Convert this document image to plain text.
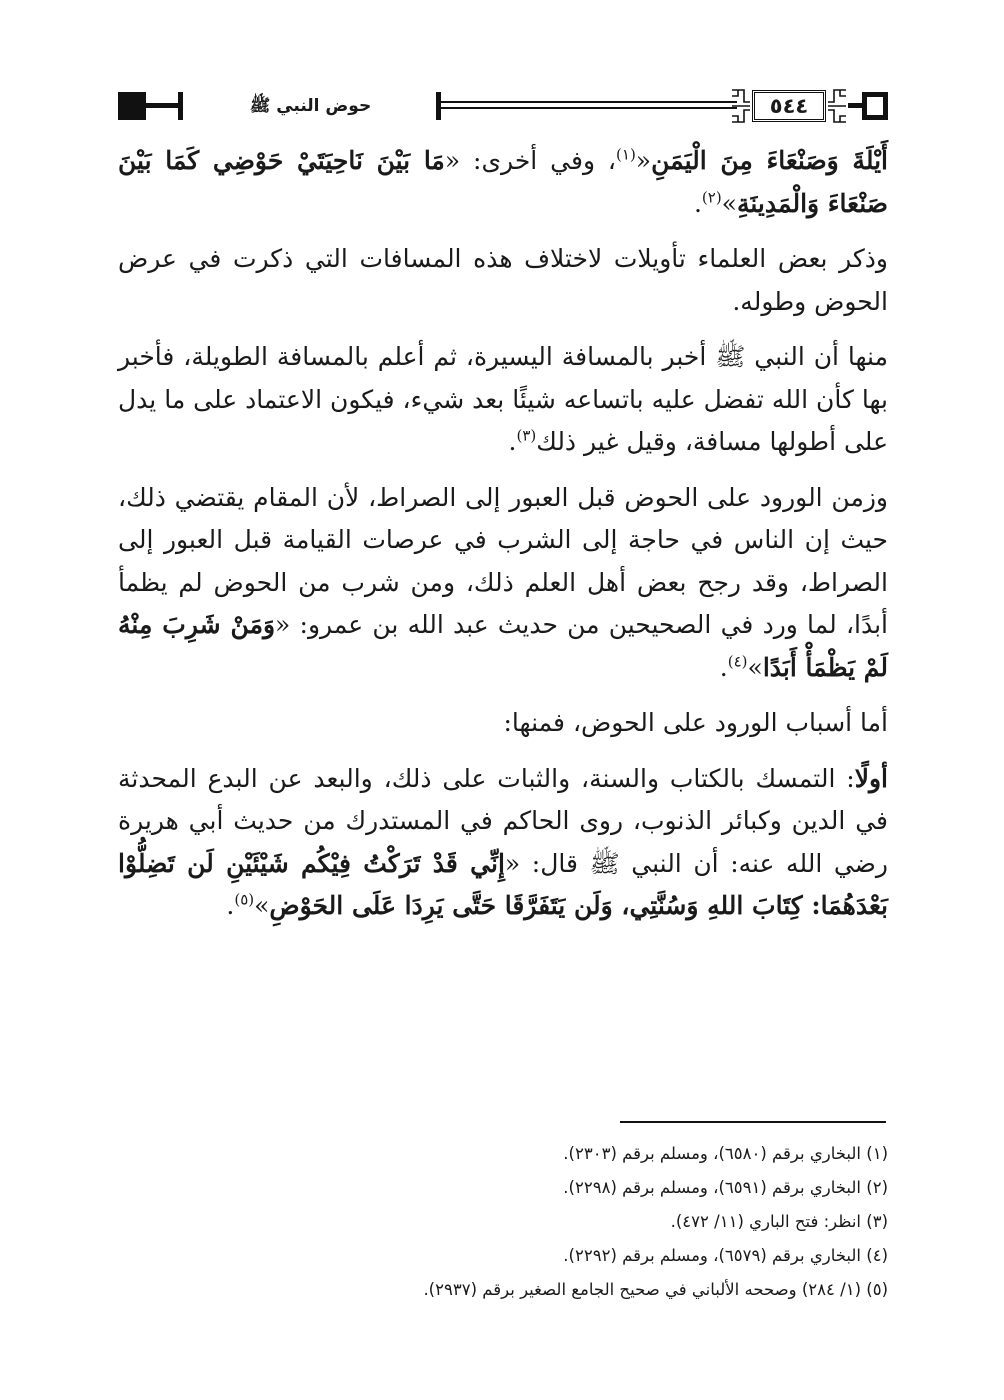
حوض النبي ﷺ	٥٤٤

أَيْلَةَ وَصَنْعَاءَ مِنَ الْيَمَنِ«$^{(١)}$، وفي أخرى: «مَا بَيْنَ نَاحِيَتَيْ حَوْضِي كَمَا بَيْنَ صَنْعَاءَ وَالْمَدِينَةِ»$^{(٢)}$.

وذكر بعض العلماء تأويلات لاختلاف هذه المسافات التي ذكرت في عرض الحوض وطوله.

منها أن النبي ﷺ أخبر بالمسافة اليسيرة، ثم أعلم بالمسافة الطويلة، فأخبر بها كأن الله تفضل عليه باتساعه شيئًا بعد شيء، فيكون الاعتماد على ما يدل على أطولها مسافة، وقيل غير ذلك$^{(٣)}$.

وزمن الورود على الحوض قبل العبور إلى الصراط، لأن المقام يقتضي ذلك، حيث إن الناس في حاجة إلى الشرب في عرصات القيامة قبل العبور إلى الصراط، وقد رجح بعض أهل العلم ذلك، ومن شرب من الحوض لم يظمأ أبدًا، لما ورد في الصحيحين من حديث عبد الله بن عمرو: «وَمَنْ شَرِبَ مِنْهُ لَمْ يَظْمَأْ أَبَدًا»$^{(٤)}$.

أما أسباب الورود على الحوض، فمنها:

أولًا: التمسك بالكتاب والسنة، والثبات على ذلك، والبعد عن البدع المحدثة في الدين وكبائر الذنوب، روى الحاكم في المستدرك من حديث أبي هريرة رضي الله عنه: أن النبي ﷺ قال: «إِنِّي قَدْ تَرَكْتُ فِيْكُم شَيْئَيْنِ لَن تَضِلُّوْا بَعْدَهُمَا: كِتَابَ اللهِ وَسُنَّتِي، وَلَن يَتَفَرَّقَا حَتَّى يَرِدَا عَلَى الحَوْضِ»$^{(٥)}$.

(١) البخاري برقم (٦٥٨٠)، ومسلم برقم (٢٣٠٣).
(٢) البخاري برقم (٦٥٩١)، ومسلم برقم (٢٢٩٨).
(٣) انظر: فتح الباري (١١/ ٤٧٢).
(٤) البخاري برقم (٦٥٧٩)، ومسلم برقم (٢٢٩٢).
(٥) (١/ ٢٨٤) وصححه الألباني في صحيح الجامع الصغير برقم (٢٩٣٧).
